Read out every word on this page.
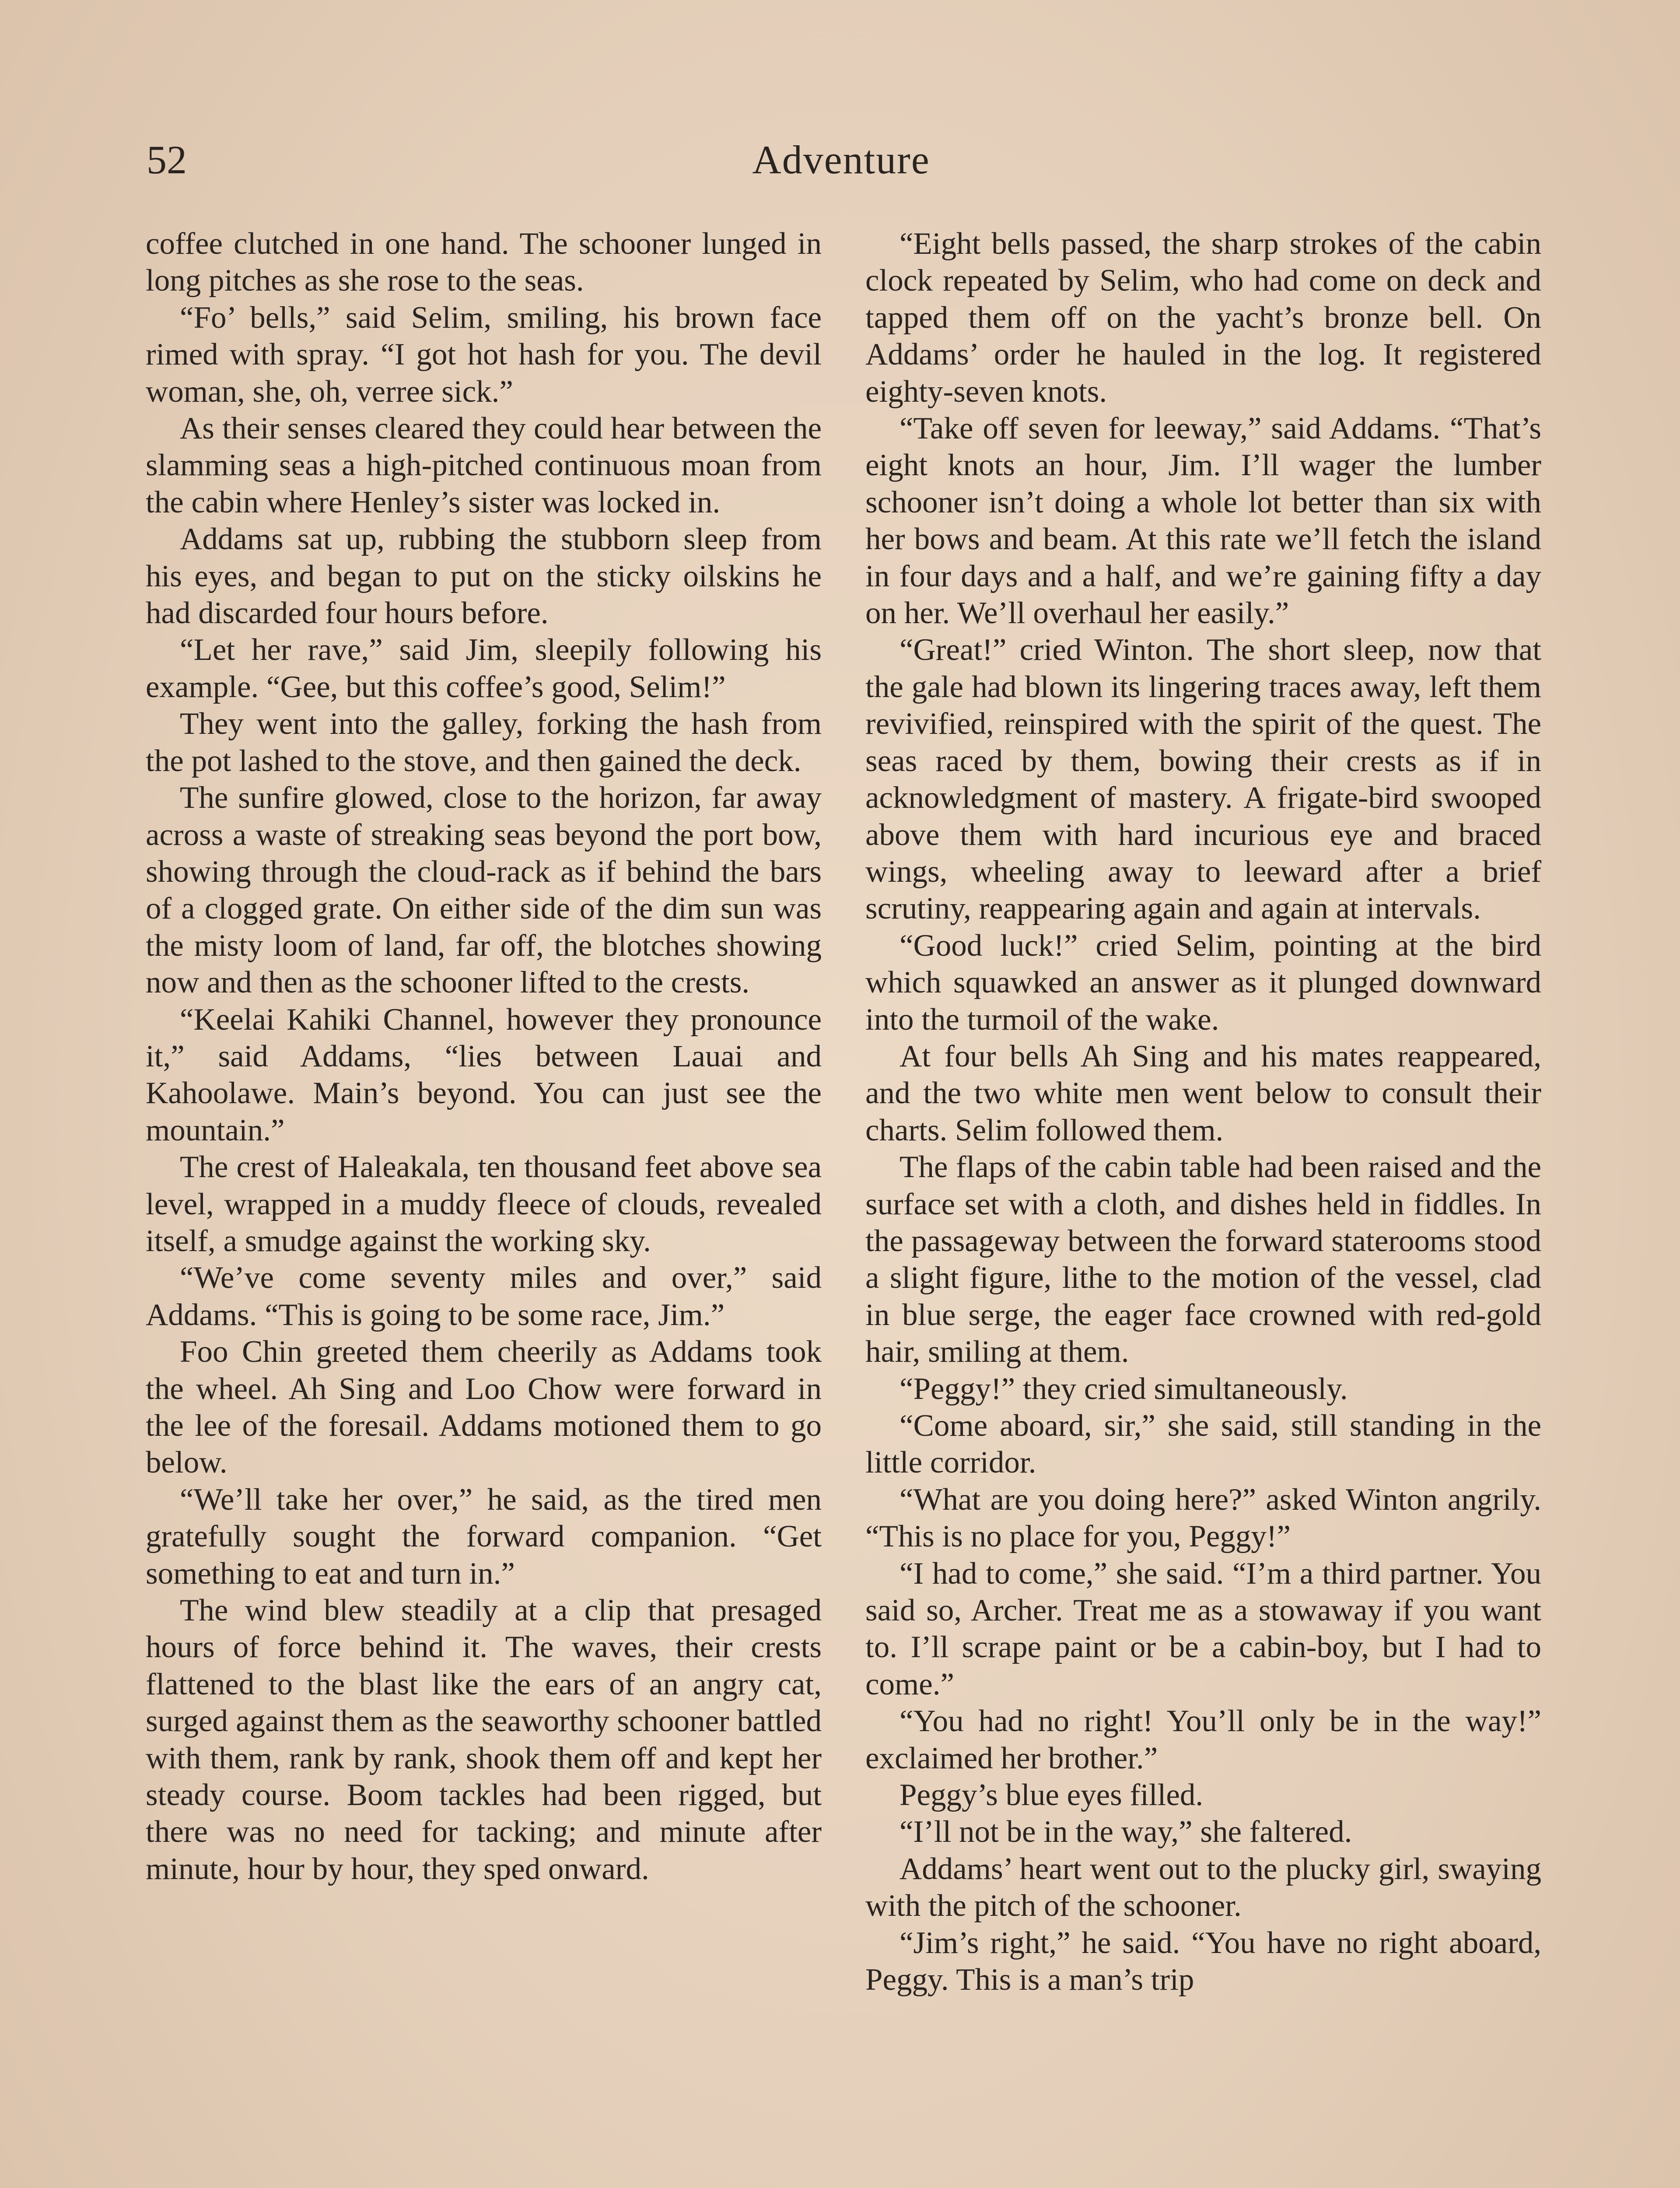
52	Adventure

coffee clutched in one hand. The schooner lunged in long pitches as she rose to the seas.

“Fo’ bells,” said Selim, smiling, his brown face rimed with spray. “I got hot hash for you. The devil woman, she, oh, verree sick.”

As their senses cleared they could hear between the slamming seas a high-pitched continuous moan from the cabin where Henley’s sister was locked in.

Addams sat up, rubbing the stubborn sleep from his eyes, and began to put on the sticky oilskins he had discarded four hours before.

“Let her rave,” said Jim, sleepily following his example. “Gee, but this coffee’s good, Selim!”

They went into the galley, forking the hash from the pot lashed to the stove, and then gained the deck.

The sunfire glowed, close to the horizon, far away across a waste of streaking seas beyond the port bow, showing through the cloud-rack as if behind the bars of a clogged grate. On either side of the dim sun was the misty loom of land, far off, the blotches showing now and then as the schooner lifted to the crests.

“Keelai Kahiki Channel, however they pronounce it,” said Addams, “lies between Lauai and Kahoolawe. Main’s beyond. You can just see the mountain.”

The crest of Haleakala, ten thousand feet above sea level, wrapped in a muddy fleece of clouds, revealed itself, a smudge against the working sky.

“We’ve come seventy miles and over,” said Addams. “This is going to be some race, Jim.”

Foo Chin greeted them cheerily as Addams took the wheel. Ah Sing and Loo Chow were forward in the lee of the foresail. Addams motioned them to go below.

“We’ll take her over,” he said, as the tired men gratefully sought the forward companion. “Get something to eat and turn in.”

The wind blew steadily at a clip that presaged hours of force behind it. The waves, their crests flattened to the blast like the ears of an angry cat, surged against them as the seaworthy schooner battled with them, rank by rank, shook them off and kept her steady course. Boom tackles had been rigged, but there was no need for tacking; and minute after minute, hour by hour, they sped onward.

“Eight bells passed, the sharp strokes of the cabin clock repeated by Selim, who had come on deck and tapped them off on the yacht’s bronze bell. On Addams’ order he hauled in the log. It registered eighty-seven knots.

“Take off seven for leeway,” said Addams. “That’s eight knots an hour, Jim. I’ll wager the lumber schooner isn’t doing a whole lot better than six with her bows and beam. At this rate we’ll fetch the island in four days and a half, and we’re gaining fifty a day on her. We’ll overhaul her easily.”

“Great!” cried Winton. The short sleep, now that the gale had blown its lingering traces away, left them revivified, reinspired with the spirit of the quest. The seas raced by them, bowing their crests as if in acknowledgment of mastery. A frigate-bird swooped above them with hard incurious eye and braced wings, wheeling away to leeward after a brief scrutiny, reappearing again and again at intervals.

“Good luck!” cried Selim, pointing at the bird which squawked an answer as it plunged downward into the turmoil of the wake.

At four bells Ah Sing and his mates reappeared, and the two white men went below to consult their charts. Selim followed them.

The flaps of the cabin table had been raised and the surface set with a cloth, and dishes held in fiddles. In the passageway between the forward staterooms stood a slight figure, lithe to the motion of the vessel, clad in blue serge, the eager face crowned with red-gold hair, smiling at them.

“Peggy!” they cried simultaneously.

“Come aboard, sir,” she said, still standing in the little corridor.

“What are you doing here?” asked Winton angrily. “This is no place for you, Peggy!”

“I had to come,” she said. “I’m a third partner. You said so, Archer. Treat me as a stowaway if you want to. I’ll scrape paint or be a cabin-boy, but I had to come.”

“You had no right! You’ll only be in the way!” exclaimed her brother.”

Peggy’s blue eyes filled.

“I’ll not be in the way,” she faltered.

Addams’ heart went out to the plucky girl, swaying with the pitch of the schooner.

“Jim’s right,” he said. “You have no right aboard, Peggy. This is a man’s trip
